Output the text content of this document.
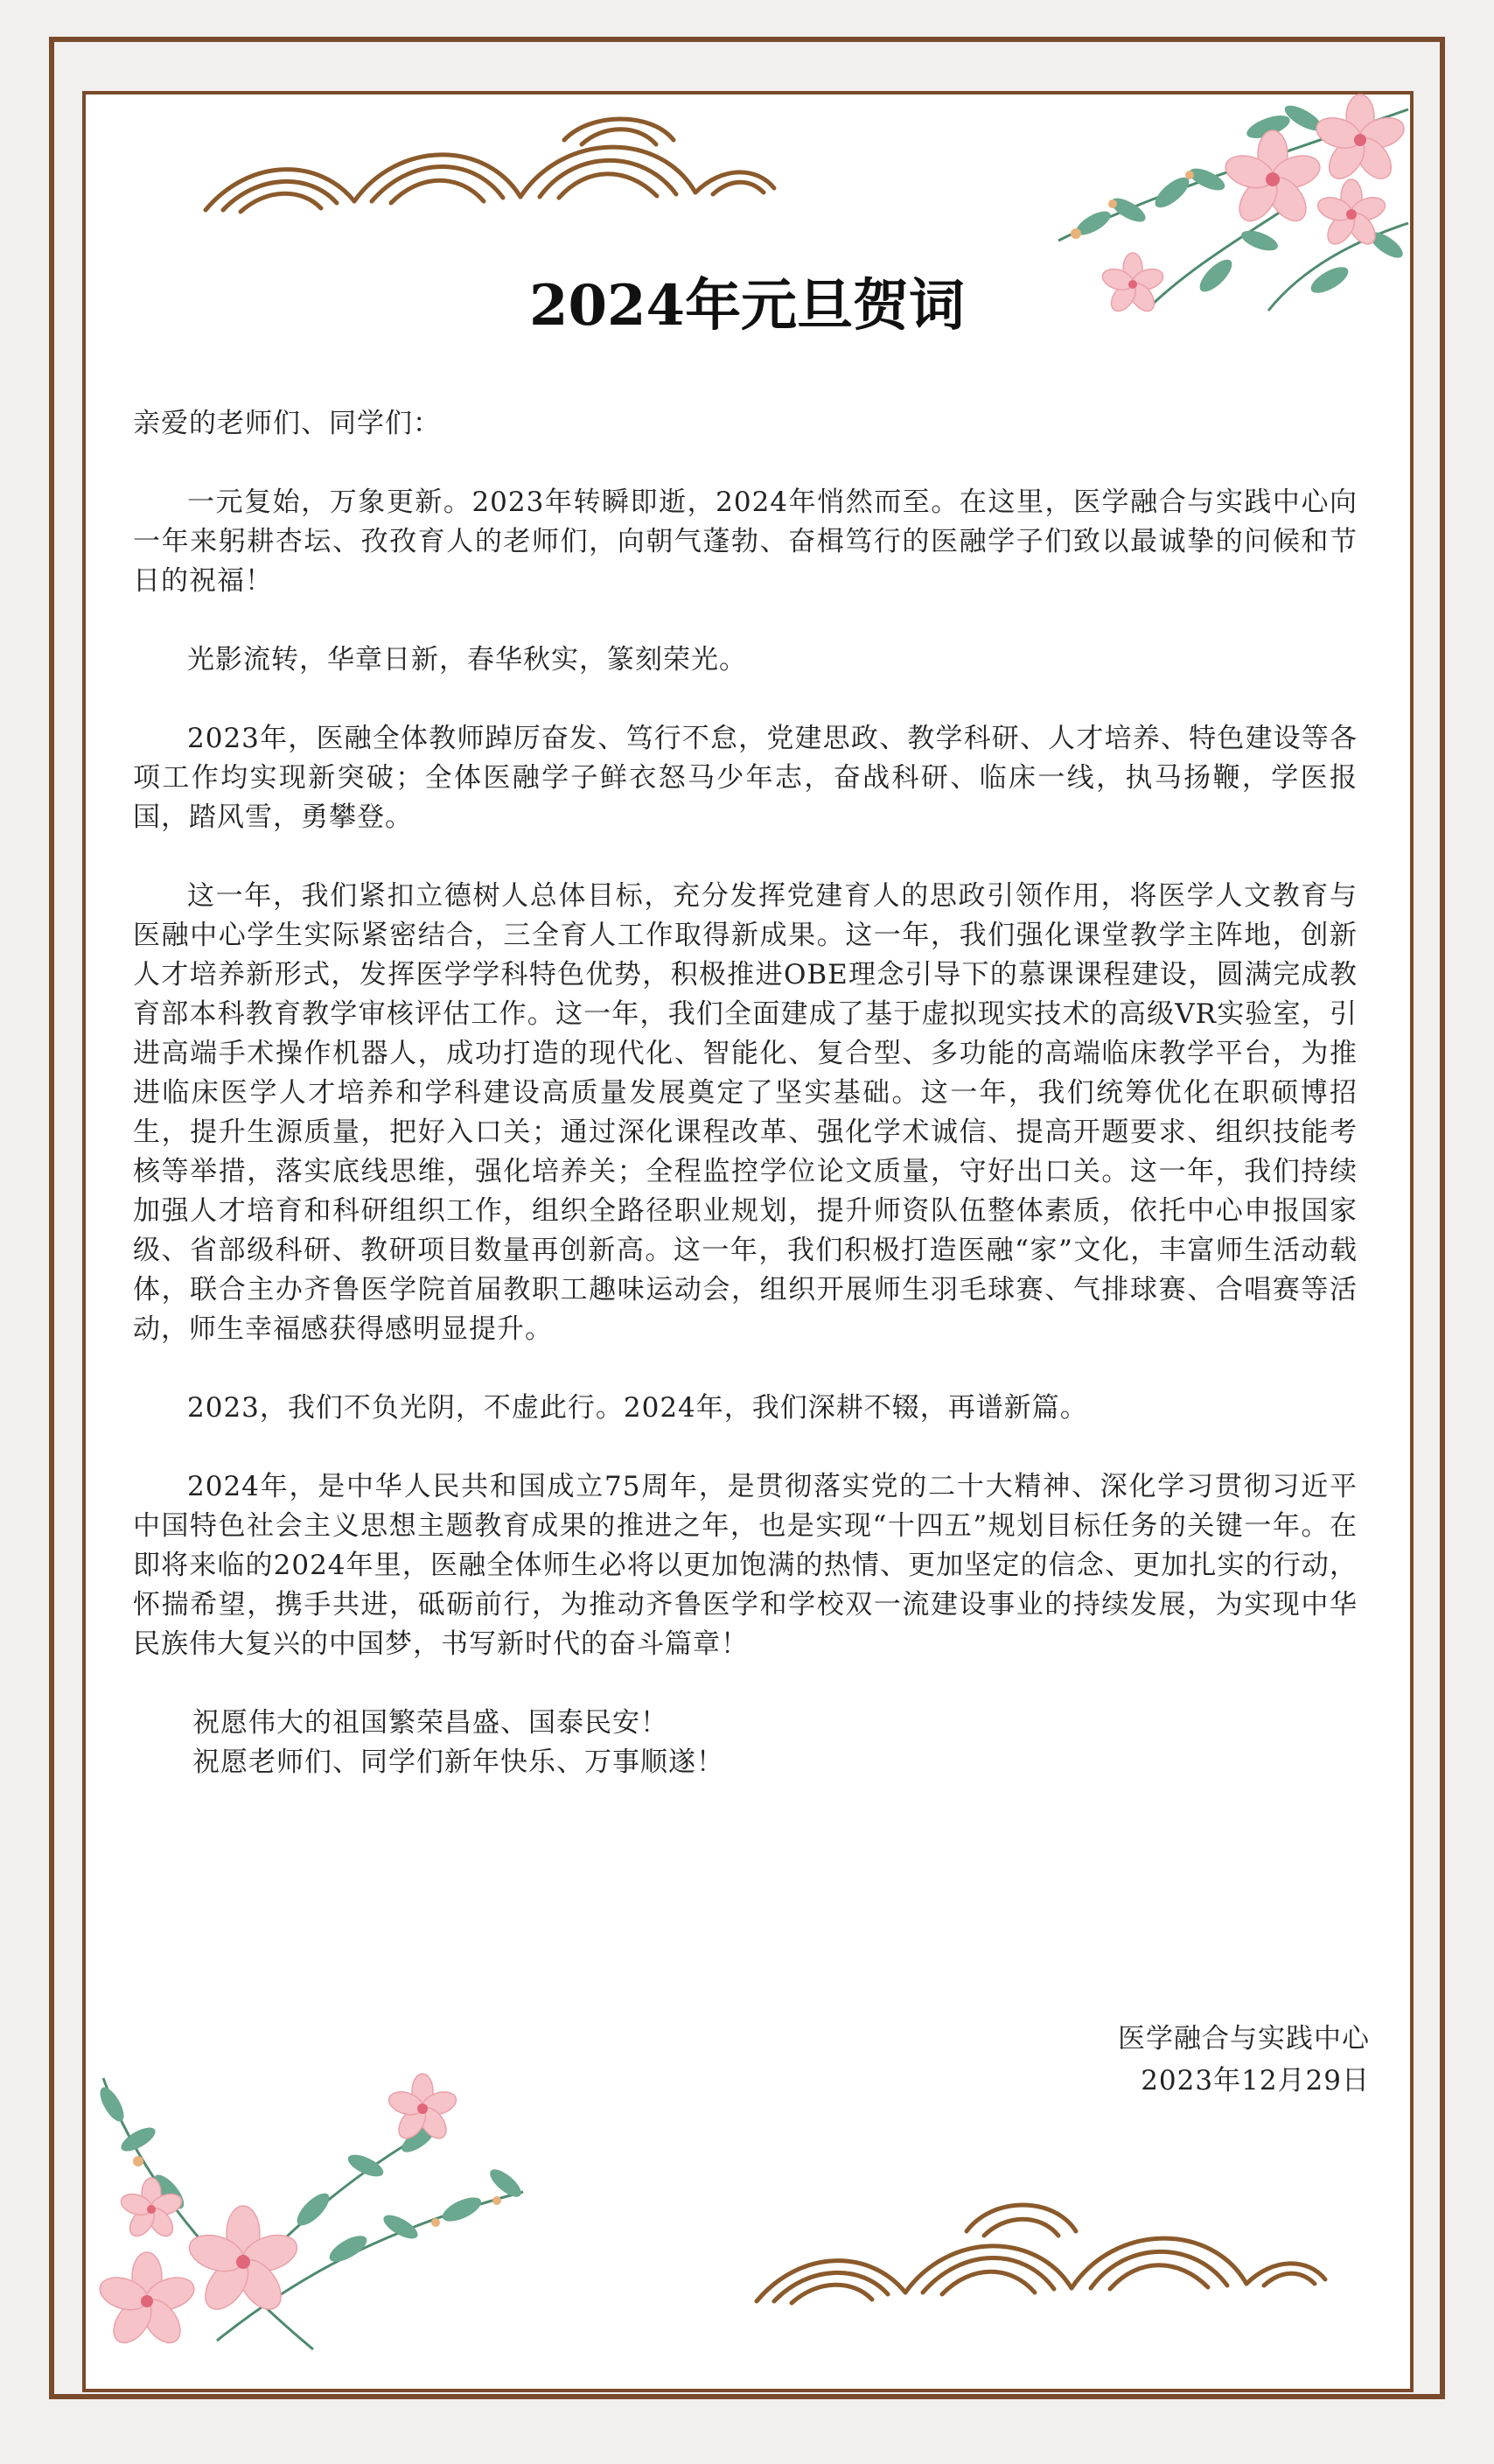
2024年元旦贺词

亲爱的老师们、同学们：

一元复始，万象更新。2023年转瞬即逝，2024年悄然而至。在这里，医学融合与实践中心向一年来躬耕杏坛、孜孜育人的老师们，向朝气蓬勃、奋楫笃行的医融学子们致以最诚挚的问候和节日的祝福！

光影流转，华章日新，春华秋实，篆刻荣光。

2023年，医融全体教师踔厉奋发、笃行不怠，党建思政、教学科研、人才培养、特色建设等各项工作均实现新突破；全体医融学子鲜衣怒马少年志，奋战科研、临床一线，执马扬鞭，学医报国，踏风雪，勇攀登。

这一年，我们紧扣立德树人总体目标，充分发挥党建育人的思政引领作用，将医学人文教育与医融中心学生实际紧密结合，三全育人工作取得新成果。这一年，我们强化课堂教学主阵地，创新人才培养新形式，发挥医学学科特色优势，积极推进OBE理念引导下的慕课课程建设，圆满完成教育部本科教育教学审核评估工作。这一年，我们全面建成了基于虚拟现实技术的高级VR实验室，引进高端手术操作机器人，成功打造的现代化、智能化、复合型、多功能的高端临床教学平台，为推进临床医学人才培养和学科建设高质量发展奠定了坚实基础。这一年，我们统筹优化在职硕博招生，提升生源质量，把好入口关；通过深化课程改革、强化学术诚信、提高开题要求、组织技能考核等举措，落实底线思维，强化培养关；全程监控学位论文质量，守好出口关。这一年，我们持续加强人才培育和科研组织工作，组织全路径职业规划，提升师资队伍整体素质，依托中心申报国家级、省部级科研、教研项目数量再创新高。这一年，我们积极打造医融“家”文化，丰富师生活动载体，联合主办齐鲁医学院首届教职工趣味运动会，组织开展师生羽毛球赛、气排球赛、合唱赛等活动，师生幸福感获得感明显提升。

2023，我们不负光阴，不虚此行。2024年，我们深耕不辍，再谱新篇。

2024年，是中华人民共和国成立75周年，是贯彻落实党的二十大精神、深化学习贯彻习近平中国特色社会主义思想主题教育成果的推进之年，也是实现“十四五”规划目标任务的关键一年。在即将来临的2024年里，医融全体师生必将以更加饱满的热情、更加坚定的信念、更加扎实的行动，怀揣希望，携手共进，砥砺前行，为推动齐鲁医学和学校双一流建设事业的持续发展，为实现中华民族伟大复兴的中国梦，书写新时代的奋斗篇章！

祝愿伟大的祖国繁荣昌盛、国泰民安！

祝愿老师们、同学们新年快乐、万事顺遂！

医学融合与实践中心
2023年12月29日
